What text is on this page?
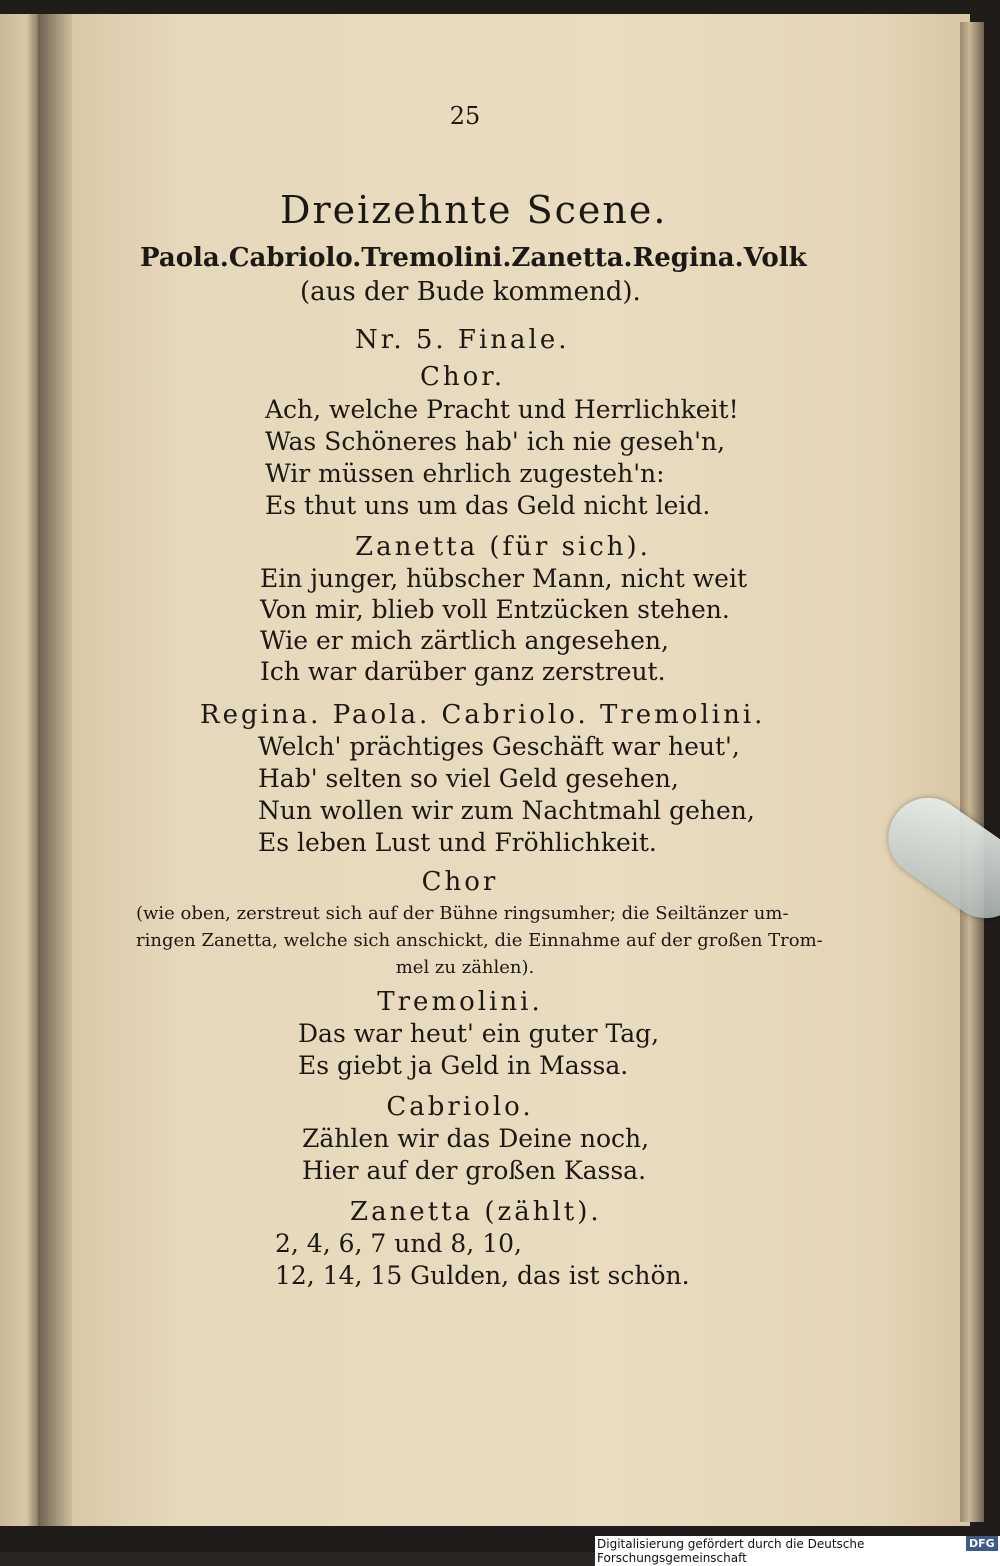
25
Dreizehnte Scene.
Paola. Cabriolo. Tremolini. Zanetta. Regina. Volk
(aus der Bude kommend).
Nr. 5. Finale.
Chor.
Ach, welche Pracht und Herrlichkeit!
Was Schöneres hab' ich nie geseh'n,
Wir müssen ehrlich zugesteh'n:
Es thut uns um das Geld nicht leid.
Zanetta (für sich).
Ein junger, hübscher Mann, nicht weit
Von mir, blieb voll Entzücken stehen.
Wie er mich zärtlich angesehen,
Ich war darüber ganz zerstreut.
Regina. Paola. Cabriolo. Tremolini.
Welch' prächtiges Geschäft war heut',
Hab' selten so viel Geld gesehen,
Nun wollen wir zum Nachtmahl gehen,
Es leben Lust und Fröhlichkeit.
Chor
(wie oben, zerstreut sich auf der Bühne ringsumher; die Seiltänzer um-
ringen Zanetta, welche sich anschickt, die Einnahme auf der großen Trom-
mel zu zählen).
Tremolini.
Das war heut' ein guter Tag,
Es giebt ja Geld in Massa.
Cabriolo.
Zählen wir das Deine noch,
Hier auf der großen Kassa.
Zanetta (zählt).
2, 4, 6, 7 und 8, 10,
12, 14, 15 Gulden, das ist schön.
Digitalisierung gefördert durch die Deutsche Forschungsgemeinschaft
DFG
